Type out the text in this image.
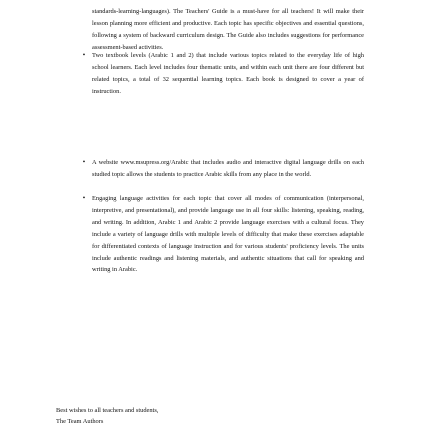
standards-learning-languages). The Teachers' Guide is a must-have for all teachers! It will make their lesson planning more efficient and productive. Each topic has specific objectives and essential questions, following a system of backward curriculum design. The Guide also includes suggestions for performance assessment-based activities.

•	Two textbook levels (Arabic 1 and 2) that include various topics related to the everyday life of high school learners. Each level includes four thematic units, and within each unit there are four different but related topics, a total of 32 sequential learning topics. Each book is designed to cover a year of instruction.
•	A website www.msupress.org/Arabic that includes audio and interactive digital language drills on each studied topic allows the students to practice Arabic skills from any place in the world.
•	Engaging language activities for each topic that cover all modes of communication (interpersonal, interpretive, and presentational), and provide language use in all four skills: listening, speaking, reading, and writing. In addition, Arabic 1 and Arabic 2 provide language exercises with a cultural focus. They include a variety of language drills with multiple levels of difficulty that make these exercises adaptable for differentiated contexts of language instruction and for various students' proficiency levels. The units include authentic readings and listening materials, and authentic situations that call for speaking and writing in Arabic.
Best wishes to all teachers and students,
The Team Authors
